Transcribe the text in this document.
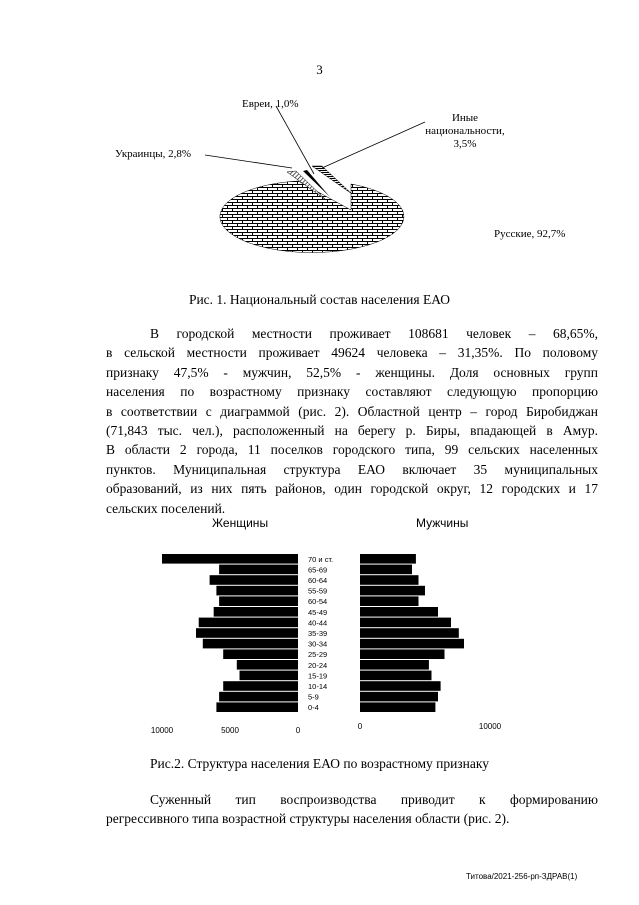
3
Евреи, 1,0%
Иные
национальности,
3,5%
Украинцы, 2,8%
Русские, 92,7%
Рис. 1. Национальный состав населения ЕАО
В городской местности проживает 108681 человек – 68,65%,
в сельской местности проживает 49624 человека – 31,35%. По половому
признаку 47,5% - мужчин, 52,5% - женщины. Доля основных групп
населения по возрастному признаку составляют следующую пропорцию
в соответствии с диаграммой (рис. 2). Областной центр – город Биробиджан
(71,843 тыс. чел.), расположенный на берегу р. Биры, впадающей в Амур.
В области 2 города, 11 поселков городского типа, 99 сельских населенных
пунктов. Муниципальная структура ЕАО включает 35 муниципальных
образований, из них пять районов, один городской округ, 12 городских и 17
сельских поселений.
Женщины	Мужчины
70 и ст.
65-69
60-64
55-59
60-54
45-49
40-44
35-39
30-34
25-29
20-24
15-19
10-14
5-9
0-4
10000	5000	0	0	10000
Рис.2. Структура населения ЕАО по возрастному признаку
Суженный тип воспроизводства приводит к формированию
регрессивного типа возрастной структуры населения области (рис. 2).
Титова/2021-256-рп-ЗДРАВ(1)
